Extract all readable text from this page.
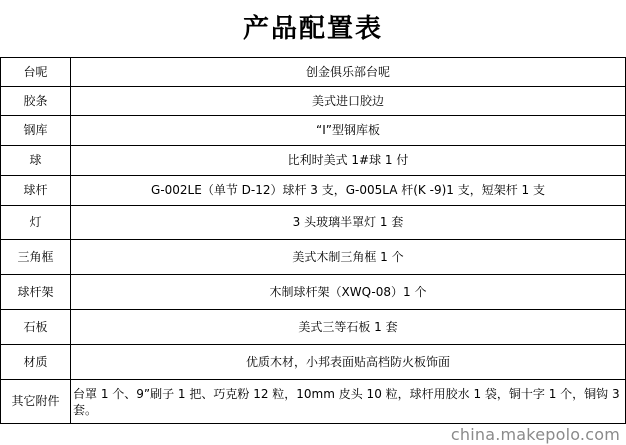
产品配置表
台呢	创金俱乐部台呢
胶条	美式进口胶边
钢库	“I”型钢库板
球	比利时美式 1#球 1 付
球杆	G-002LE（单节 D-12）球杆 3 支，G-005LA 杆(K -9)1 支，短架杆 1 支
灯	3 头玻璃半罩灯 1 套
三角框	美式木制三角框 1 个
球杆架	木制球杆架（XWQ-08）1 个
石板	美式三等石板 1 套
材质	优质木材，小邦表面贴高档防火板饰面
其它附件	台罩 1 个、9”刷子 1 把、巧克粉 12 粒，10mm 皮头 10 粒，球杆用胶水 1 袋，铜十字 1 个，铜钩 3 套。
china.makepolo.com
